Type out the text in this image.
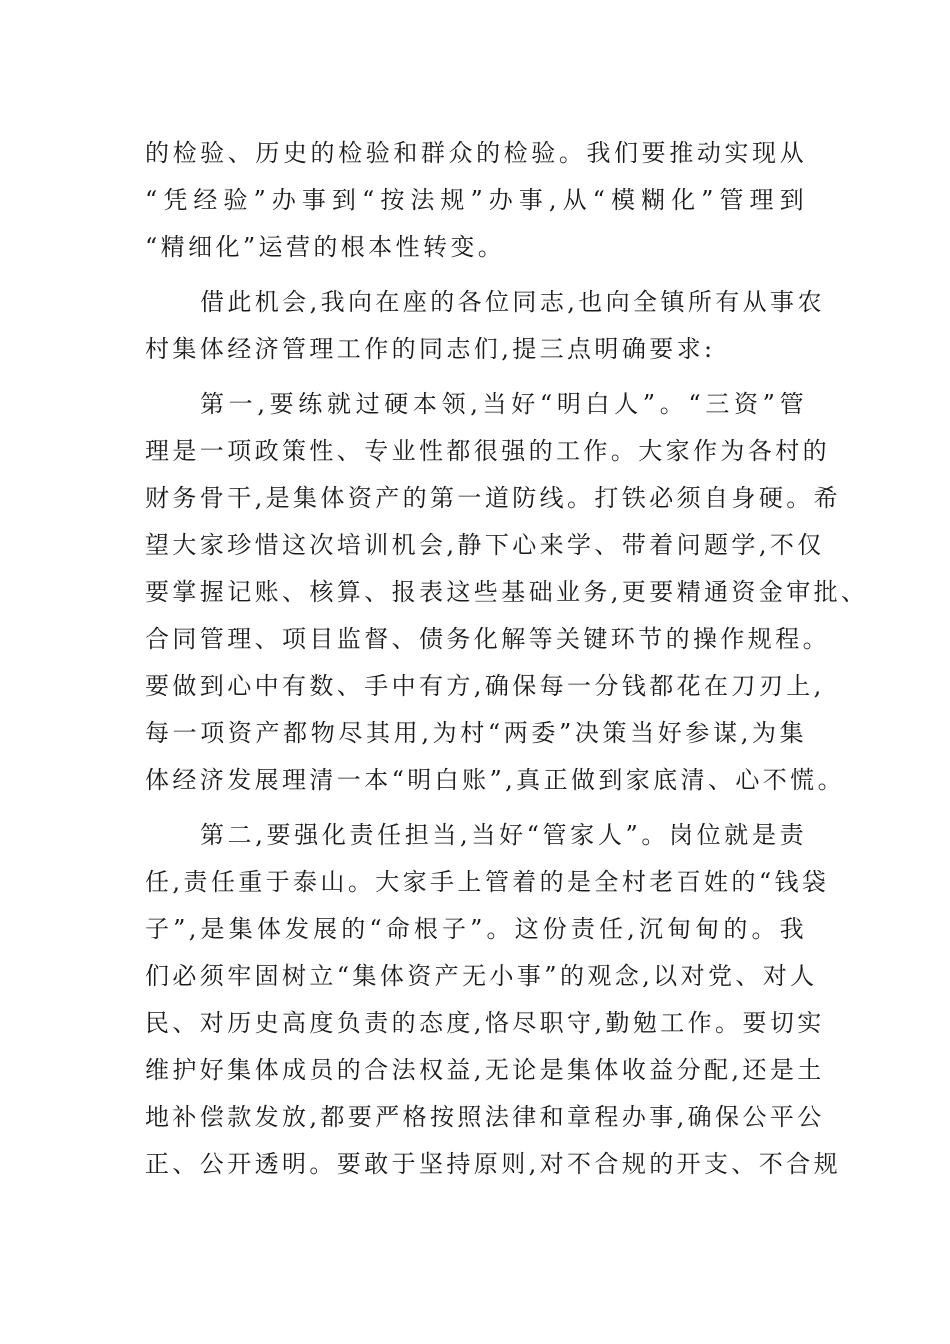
的检验、历史的检验和群众的检验。我们要推动实现从
“凭经验”办事到“按法规”办事,从“模糊化”管理到
“精细化”运营的根本性转变。
借此机会,我向在座的各位同志,也向全镇所有从事农
村集体经济管理工作的同志们,提三点明确要求:
第一,要练就过硬本领,当好“明白人”。“三资”管
理是一项政策性、专业性都很强的工作。大家作为各村的
财务骨干,是集体资产的第一道防线。打铁必须自身硬。希
望大家珍惜这次培训机会,静下心来学、带着问题学,不仅
要掌握记账、核算、报表这些基础业务,更要精通资金审批、
合同管理、项目监督、债务化解等关键环节的操作规程。
要做到心中有数、手中有方,确保每一分钱都花在刀刃上,
每一项资产都物尽其用,为村“两委”决策当好参谋,为集
体经济发展理清一本“明白账”,真正做到家底清、心不慌。
第二,要强化责任担当,当好“管家人”。岗位就是责
任,责任重于泰山。大家手上管着的是全村老百姓的“钱袋
子”,是集体发展的“命根子”。这份责任,沉甸甸的。我
们必须牢固树立“集体资产无小事”的观念,以对党、对人
民、对历史高度负责的态度,恪尽职守,勤勉工作。要切实
维护好集体成员的合法权益,无论是集体收益分配,还是土
地补偿款发放,都要严格按照法律和章程办事,确保公平公
正、公开透明。要敢于坚持原则,对不合规的开支、不合规
